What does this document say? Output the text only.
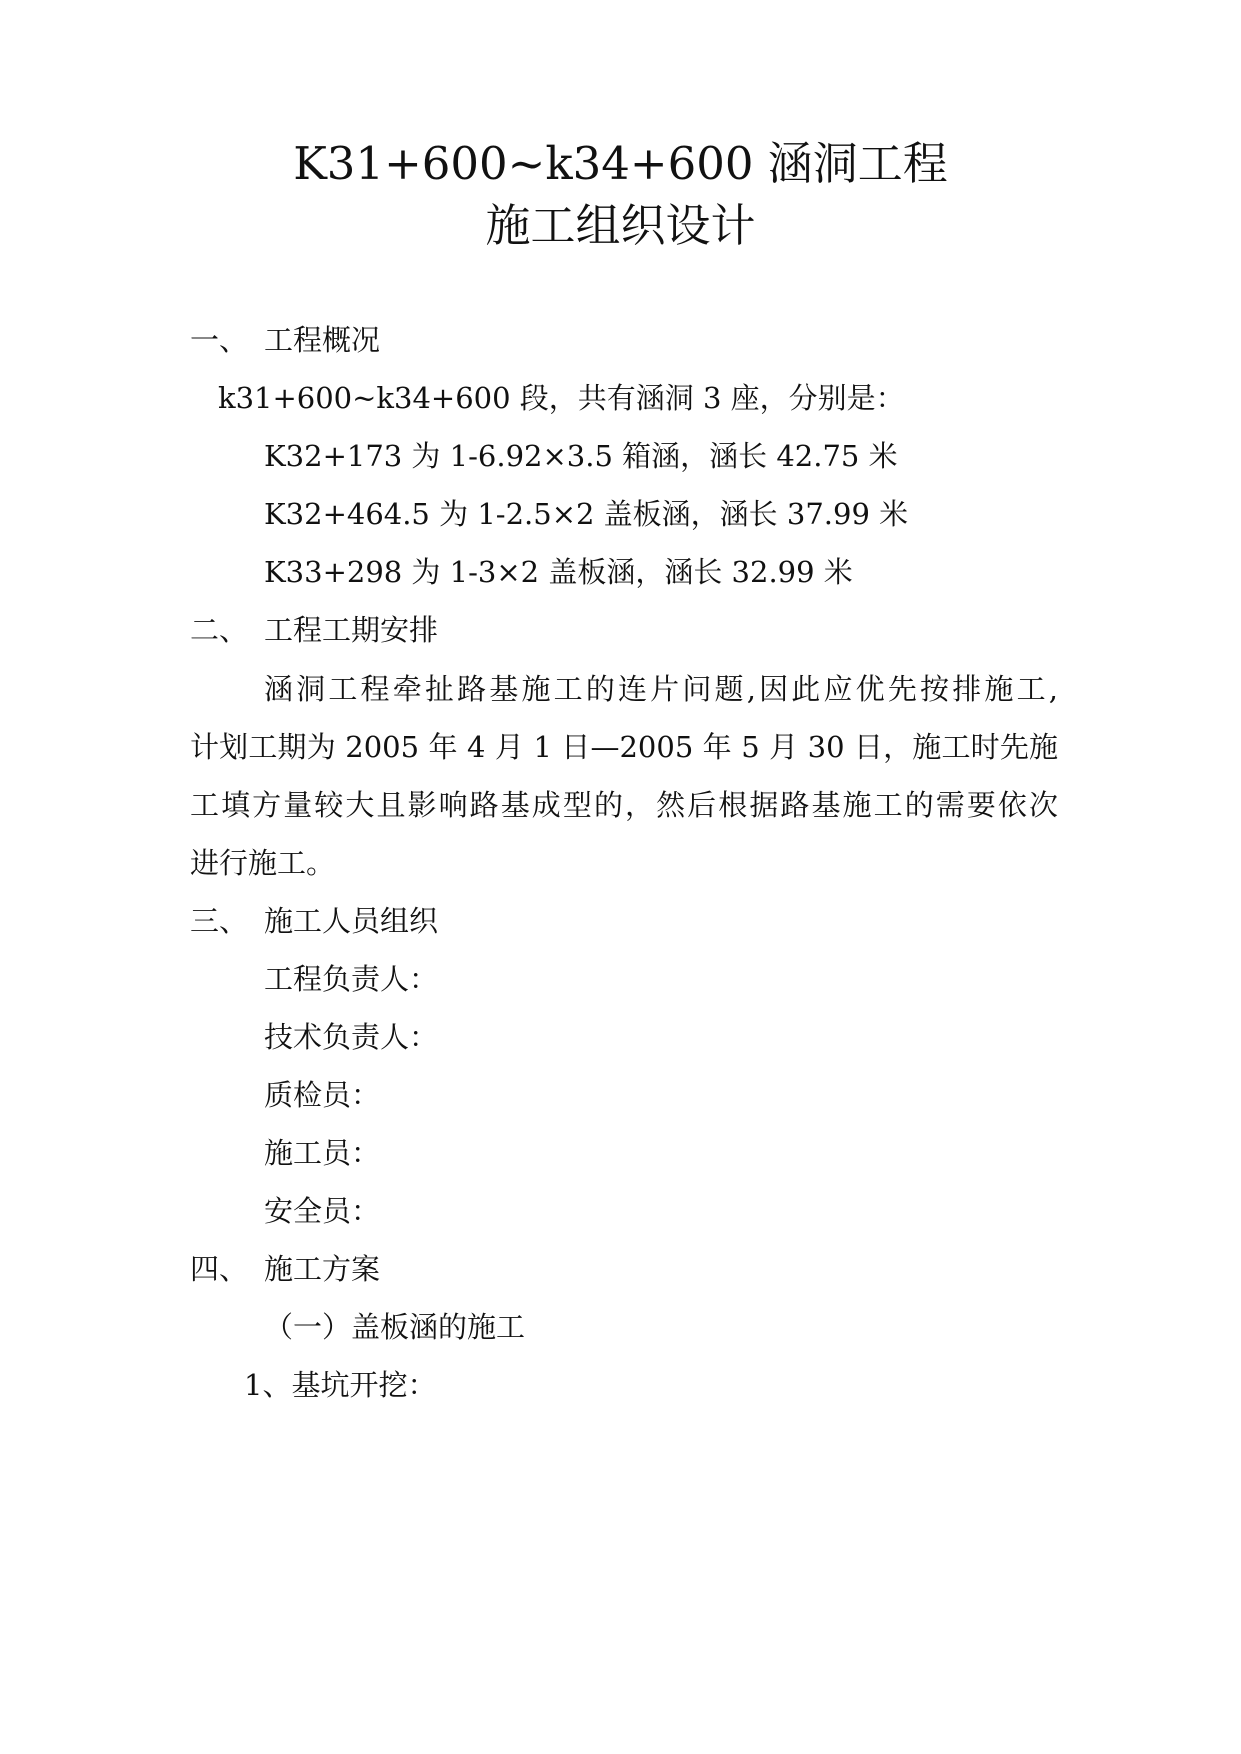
K31+600~k34+600 涵洞工程
施工组织设计
一、 工程概况
k31+600~k34+600 段，共有涵洞 3 座，分别是：
K32+173 为 1-6.92×3.5 箱涵，涵长 42.75 米
K32+464.5 为 1-2.5×2 盖板涵，涵长 37.99 米
K33+298 为 1-3×2 盖板涵，涵长 32.99 米
二、 工程工期安排
涵洞工程牵扯路基施工的连片问题,因此应优先按排施工,
计划工期为 2005 年 4 月 1 日—2005 年 5 月 30 日，施工时先施
工填方量较大且影响路基成型的，然后根据路基施工的需要依次
进行施工。
三、 施工人员组织
工程负责人：
技术负责人：
质检员：
施工员：
安全员：
四、 施工方案
（一）盖板涵的施工
1、基坑开挖：
